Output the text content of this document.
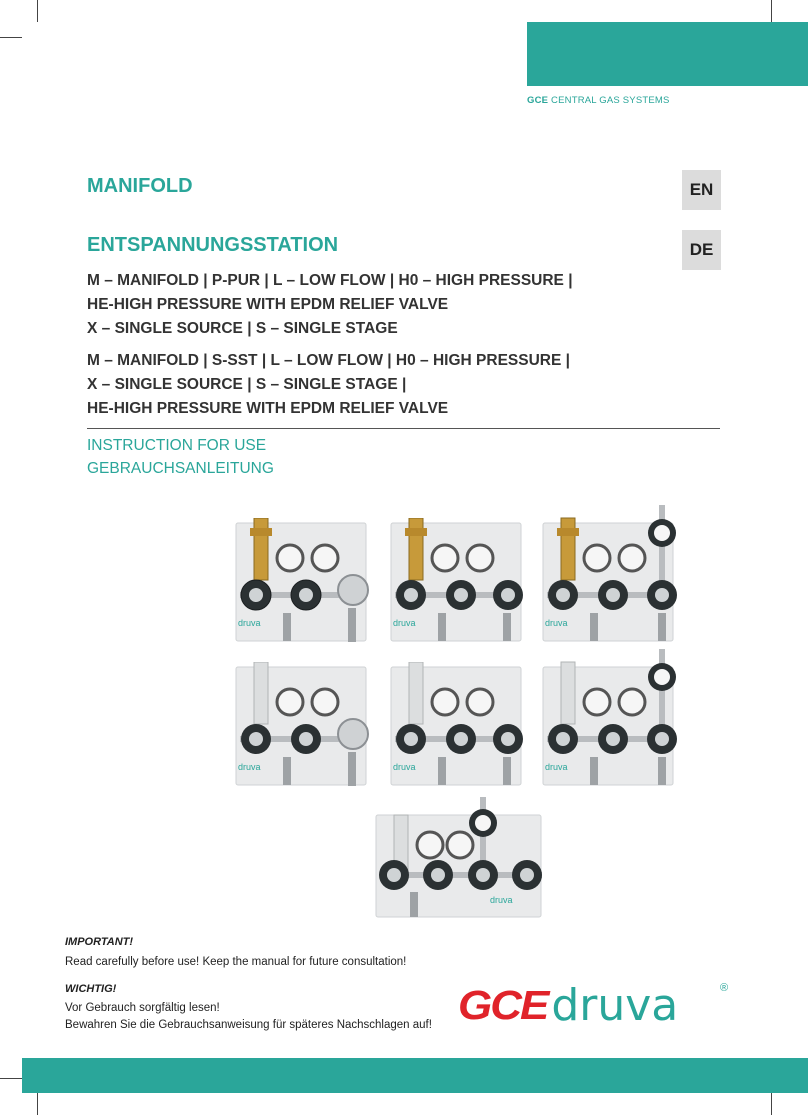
GCE CENTRAL GAS SYSTEMS
MANIFOLD	EN
ENTSPANNUNGSSTATION	DE
M – MANIFOLD | P-PUR | L – LOW FLOW | H0 – HIGH PRESSURE |
HE-HIGH PRESSURE WITH EPDM RELIEF VALVE
X – SINGLE SOURCE | S – SINGLE STAGE
M – MANIFOLD | S-SST | L – LOW FLOW | H0 – HIGH PRESSURE |
X – SINGLE SOURCE | S – SINGLE STAGE |
HE-HIGH PRESSURE WITH EPDM RELIEF VALVE
INSTRUCTION FOR USE
GEBRAUCHSANLEITUNG
druva	druva	druva
druva	druva	druva
druva
IMPORTANT!
Read carefully before use! Keep the manual for future consultation!
WICHTIG!
Vor Gebrauch sorgfältig lesen!
Bewahren Sie die Gebrauchsanweisung für späteres Nachschlagen auf! GCEdruva	®
